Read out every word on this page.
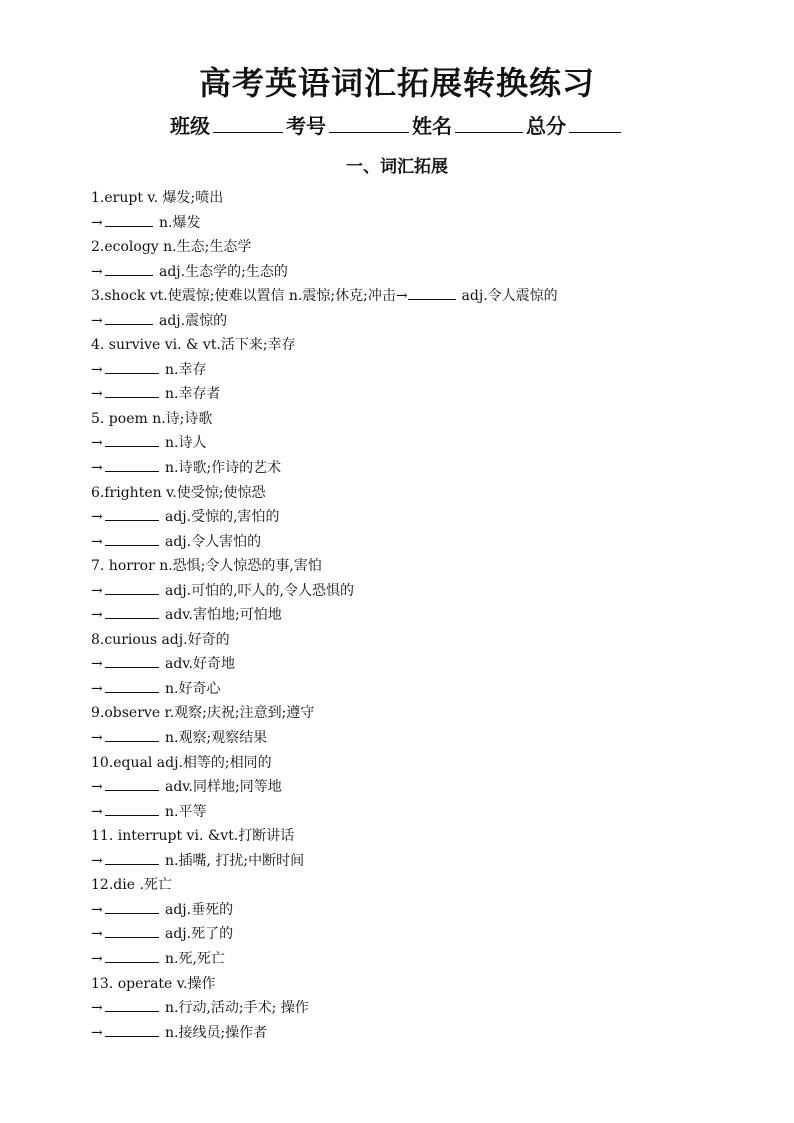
高考英语词汇拓展转换练习
班级	考号	姓名	总分
一、词汇拓展
1.erupt v. 爆发;喷出
→	n.爆发
2.ecology n.生态;生态学
→	adj.生态学的;生态的
3.shock vt.使震惊;使难以置信 n.震惊;休克;冲击→	adj.令人震惊的
→	adj.震惊的
4. survive vi. & vt.活下来;幸存
→	n.幸存
→	n.幸存者
5. poem n.诗;诗歌
→	n.诗人
→	n.诗歌;作诗的艺术
6.frighten v.使受惊;使惊恐
→	adj.受惊的,害怕的
→	adj.令人害怕的
7. horror n.恐惧;令人惊恐的事,害怕
→	adj.可怕的,吓人的,令人恐惧的
→	adv.害怕地;可怕地
8.curious adj.好奇的
→	adv.好奇地
→	n.好奇心
9.observe r.观察;庆祝;注意到;遵守
→	n.观察;观察结果
10.equal adj.相等的;相同的
→	adv.同样地;同等地
→	n.平等
11. interrupt vi. &vt.打断讲话
→	n.插嘴, 打扰;中断时间
12.die .死亡
→	adj.垂死的
→	adj.死了的
→	n.死,死亡
13. operate v.操作
→	n.行动,活动;手术; 操作
→	n.接线员;操作者
